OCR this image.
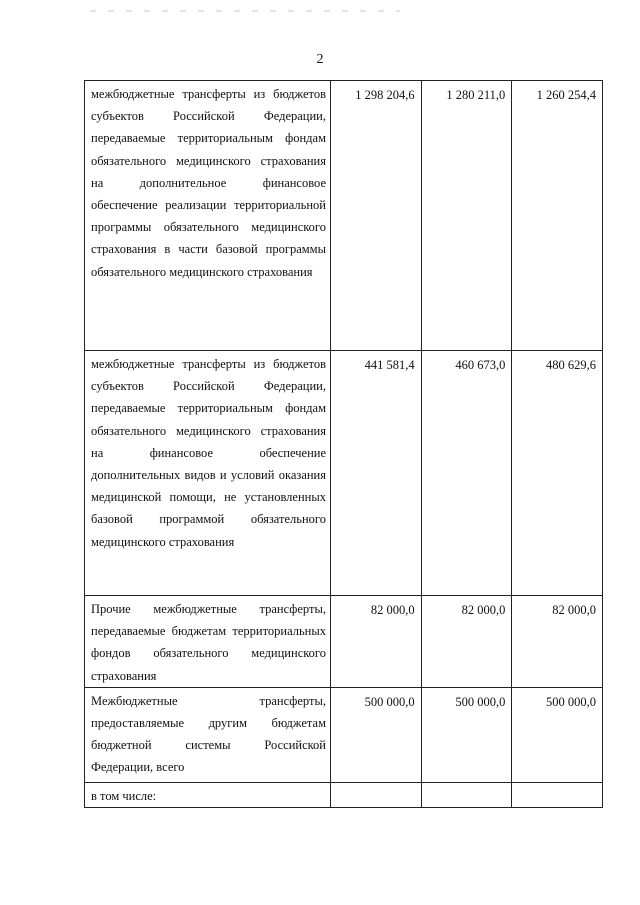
2
межбюджетные трансферты из бюджетов субъектов Российской Федерации, передаваемые территориальным фондам обязательного медицинского страхования на дополнительное финансовое обеспечение реализации территориальной программы обязательного медицинского страхования в части базовой программы обязательного медицинского страхования	1 298 204,6	1 280 211,0	1 260 254,4
межбюджетные трансферты из бюджетов субъектов Российской Федерации, передаваемые территориальным фондам обязательного медицинского страхования на финансовое обеспечение дополнительных видов и условий оказания медицинской помощи, не установленных базовой программой обязательного медицинского страхования	441 581,4	460 673,0	480 629,6
Прочие межбюджетные трансферты, передаваемые бюджетам территориальных фондов обязательного медицинского страхования	82 000,0	82 000,0	82 000,0
Межбюджетные трансферты, предоставляемые другим бюджетам бюджетной системы Российской Федерации, всего	500 000,0	500 000,0	500 000,0
в том числе:			
